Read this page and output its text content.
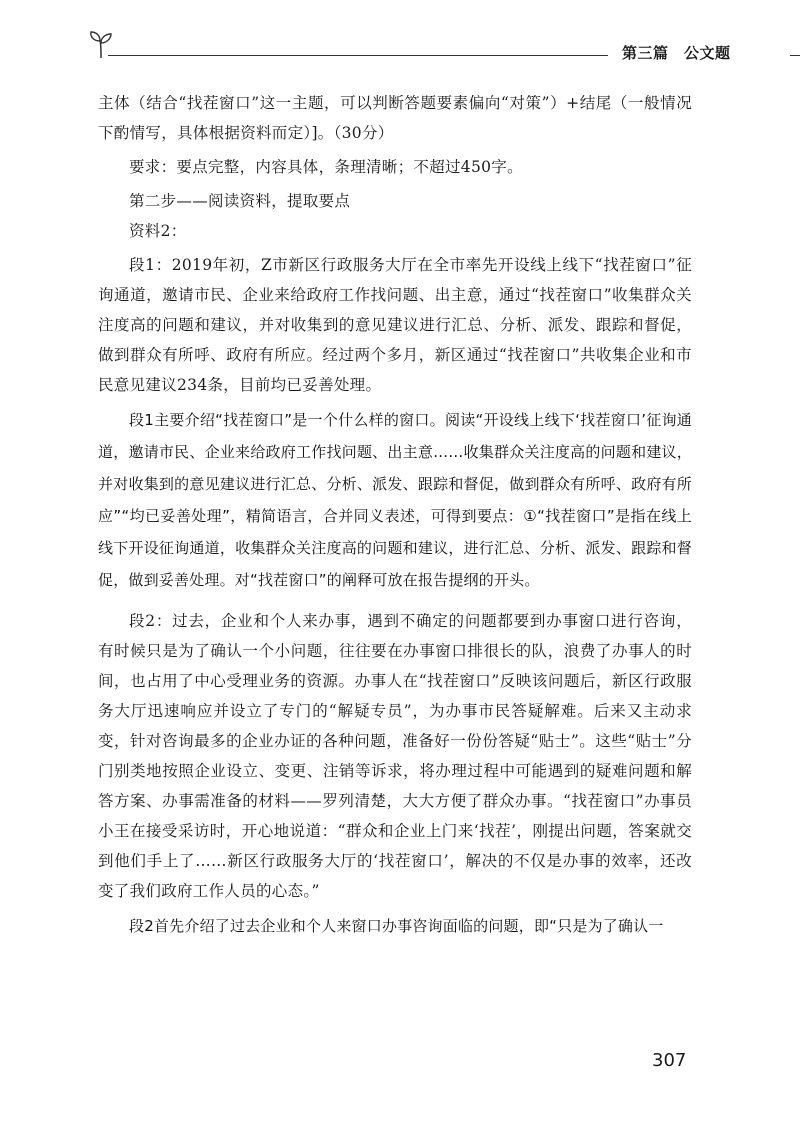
第三篇　公文题

主体（结合“找茬窗口”这一主题，可以判断答题要素偏向“对策”）+结尾（一般情况下酌情写，具体根据资料而定）]。（30分）

要求：要点完整，内容具体，条理清晰；不超过450字。

第二步——阅读资料，提取要点

资料2：

段1：2019年初，Z市新区行政服务大厅在全市率先开设线上线下“找茬窗口”征询通道，邀请市民、企业来给政府工作找问题、出主意，通过“找茬窗口”收集群众关注度高的问题和建议，并对收集到的意见建议进行汇总、分析、派发、跟踪和督促，做到群众有所呼、政府有所应。经过两个多月，新区通过“找茬窗口”共收集企业和市民意见建议234条，目前均已妥善处理。

段1主要介绍“找茬窗口”是一个什么样的窗口。阅读“开设线上线下‘找茬窗口’征询通道，邀请市民、企业来给政府工作找问题、出主意……收集群众关注度高的问题和建议，并对收集到的意见建议进行汇总、分析、派发、跟踪和督促，做到群众有所呼、政府有所应”“均已妥善处理”，精简语言，合并同义表述，可得到要点：①“找茬窗口”是指在线上线下开设征询通道，收集群众关注度高的问题和建议，进行汇总、分析、派发、跟踪和督促，做到妥善处理。对“找茬窗口”的阐释可放在报告提纲的开头。

段2：过去，企业和个人来办事，遇到不确定的问题都要到办事窗口进行咨询，有时候只是为了确认一个小问题，往往要在办事窗口排很长的队，浪费了办事人的时间，也占用了中心受理业务的资源。办事人在“找茬窗口”反映该问题后，新区行政服务大厅迅速响应并设立了专门的“解疑专员”，为办事市民答疑解难。后来又主动求变，针对咨询最多的企业办证的各种问题，准备好一份份答疑“贴士”。这些“贴士”分门别类地按照企业设立、变更、注销等诉求，将办理过程中可能遇到的疑难问题和解答方案、办事需准备的材料——罗列清楚，大大方便了群众办事。“找茬窗口”办事员小王在接受采访时，开心地说道：“群众和企业上门来‘找茬’，刚提出问题，答案就交到他们手上了……新区行政服务大厅的‘找茬窗口’，解决的不仅是办事的效率，还改变了我们政府工作人员的心态。”

段2首先介绍了过去企业和个人来窗口办事咨询面临的问题，即“只是为了确认一

307
